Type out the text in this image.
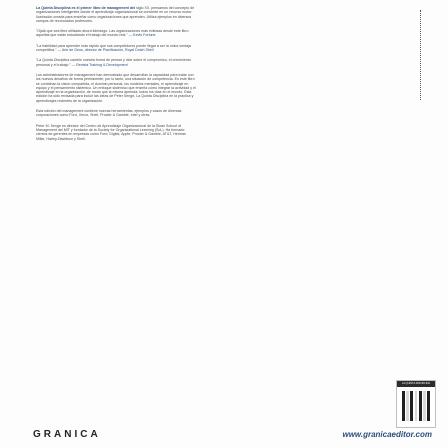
La Quinta Disciplina es el primer libro de management del siglo XX, pensamos del concepto de organizaciones inteligentes donde el aprendizaje organizacional se convierte en un recurso motor. Ilustración creada para enseñar como organizaciones que aprenden. Utiliza ejemplos en diversos campos de reconocidos profesores.

"Ojalá que sea libro utilizado ahora liderazgo. Las organizaciones más exitosas desde este libro aquellas que están estudiando el trabajo del mundo real." — Kevin Fortune

"La habilidad para aprender más rápido que sus competidores puede llegar a ser la única ventaja competitiva." — Arie de Geus, director de Planificación, Royal Dutch Shell

"La Quinta Disciplina cambió nuestra forma de pensar y dice sobre el compromiso, el crecimiento personal y el trabajo." — Revista Training & Development

Los administradores de management han demostrado que desarrollan la capacidad para tratar con los nuevos desafíos de forma permanente, por lo tanto, una situación de competencia. En este libro se combinan la visión compartida, el dominio personal, los modelos mentales, el aprendizaje en equipo y el pensamiento sistémico. Un enfoque sistémico que enseña cómo integrar la actividad y el aprendizaje en la organización, de modo que la misma aprenda, todos los días en el mundo. Esta edición ha sido revisada para incluir las ideas de Peter Senge, La Quinta Disciplina en la práctica y aprendizajes recientes de la organización.

Esta edición del management contiene nuevas herramientas, ejemplos y casos de diversas corporaciones como Ford, Xerox, Shell, Procter & Gamble, Intel y otras.

Peter M. Senge es director del Centro de Aprendizaje Organizacional de la Sloan School of Management del MIT y fundador de la Society for Organizational Learning (SoL). Ha formado cientos de gerentes en empresas como Ford, Digital, Apple, Procter & Gamble, AT&T, Herman Miller, Harley-Davidson y Shell.

LA QUINTA DISCIPLINA
GRANICA	www.granicaeditor.com
